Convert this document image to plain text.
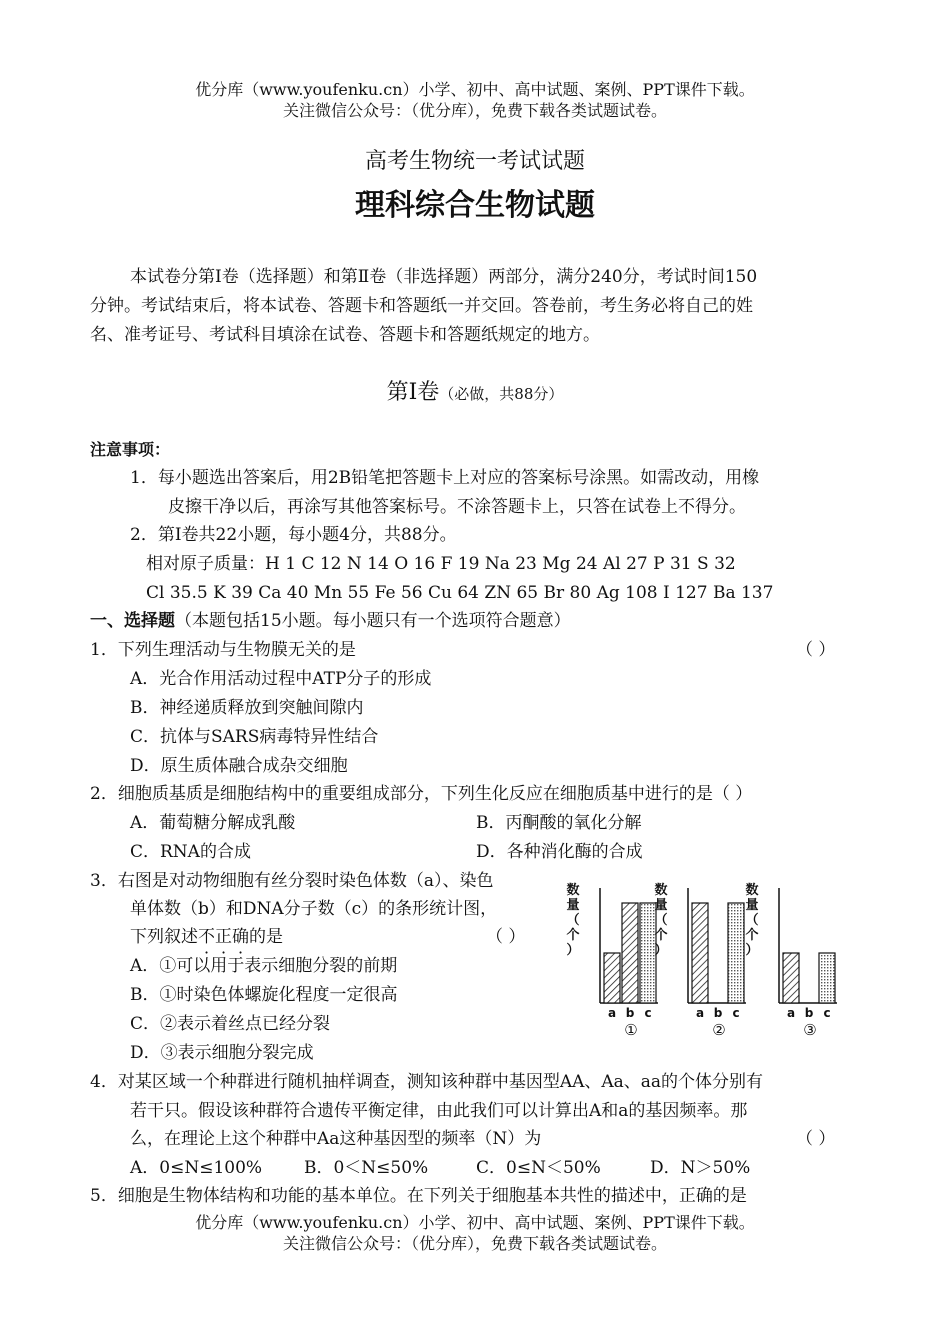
优分库（www.youfenku.cn）小学、初中、高中试题、案例、PPT课件下载。
关注微信公众号：（优分库），免费下载各类试题试卷。
高考生物统一考试试题
理科综合生物试题
本试卷分第Ⅰ卷（选择题）和第Ⅱ卷（非选择题）两部分，满分240分，考试时间150
分钟。考试结束后，将本试卷、答题卡和答题纸一并交回。答卷前，考生务必将自己的姓
名、准考证号、考试科目填涂在试卷、答题卡和答题纸规定的地方。
第Ⅰ卷（必做，共88分）
注意事项：
1．每小题选出答案后，用2B铅笔把答题卡上对应的答案标号涂黑。如需改动，用橡
皮擦干净以后，再涂写其他答案标号。不涂答题卡上，只答在试卷上不得分。
2．第Ⅰ卷共22小题，每小题4分，共88分。
相对原子质量：H 1 C 12 N 14 O 16 F 19 Na 23 Mg 24 Al 27 P 31 S 32
Cl 35.5 K 39 Ca 40 Mn 55 Fe 56 Cu 64 ZN 65 Br 80 Ag 108 I 127 Ba 137
一、选择题（本题包括15小题。每小题只有一个选项符合题意）
1．下列生理活动与生物膜无关的是	（ ）
A．光合作用活动过程中ATP分子的形成
B．神经递质释放到突触间隙内
C．抗体与SARS病毒特异性结合
D．原生质体融合成杂交细胞
2．细胞质基质是细胞结构中的重要组成部分，下列生化反应在细胞质基中进行的是（ ）
A．葡萄糖分解成乳酸	B．丙酮酸的氧化分解
C．RNA的合成	D．各种消化酶的合成
3．右图是对动物细胞有丝分裂时染色体数（a）、染色
单体数（b）和DNA分子数（c）的条形统计图，
下列叙述不正确的是	（ ）
A．①可以用于表示细胞分裂的前期
B．①时染色体螺旋化程度一定很高
C．②表示着丝点已经分裂
D．③表示细胞分裂完成
数
量
（
个
）
a b c
①
数
量
（
个
）
a b c
②
数
量
（
个
）
a b c
③
4．对某区域一个种群进行随机抽样调查，测知该种群中基因型AA、Aa、aa的个体分别有
若干只。假设该种群符合遗传平衡定律，由此我们可以计算出A和a的基因频率。那
么，在理论上这个种群中Aa这种基因型的频率（N）为	（ ）
A．0≤N≤100% B．0＜N≤50%	C．0≤N＜50%	D．N＞50%
5．细胞是生物体结构和功能的基本单位。在下列关于细胞基本共性的描述中，正确的是
优分库（www.youfenku.cn）小学、初中、高中试题、案例、PPT课件下载。
关注微信公众号：（优分库），免费下载各类试题试卷。
